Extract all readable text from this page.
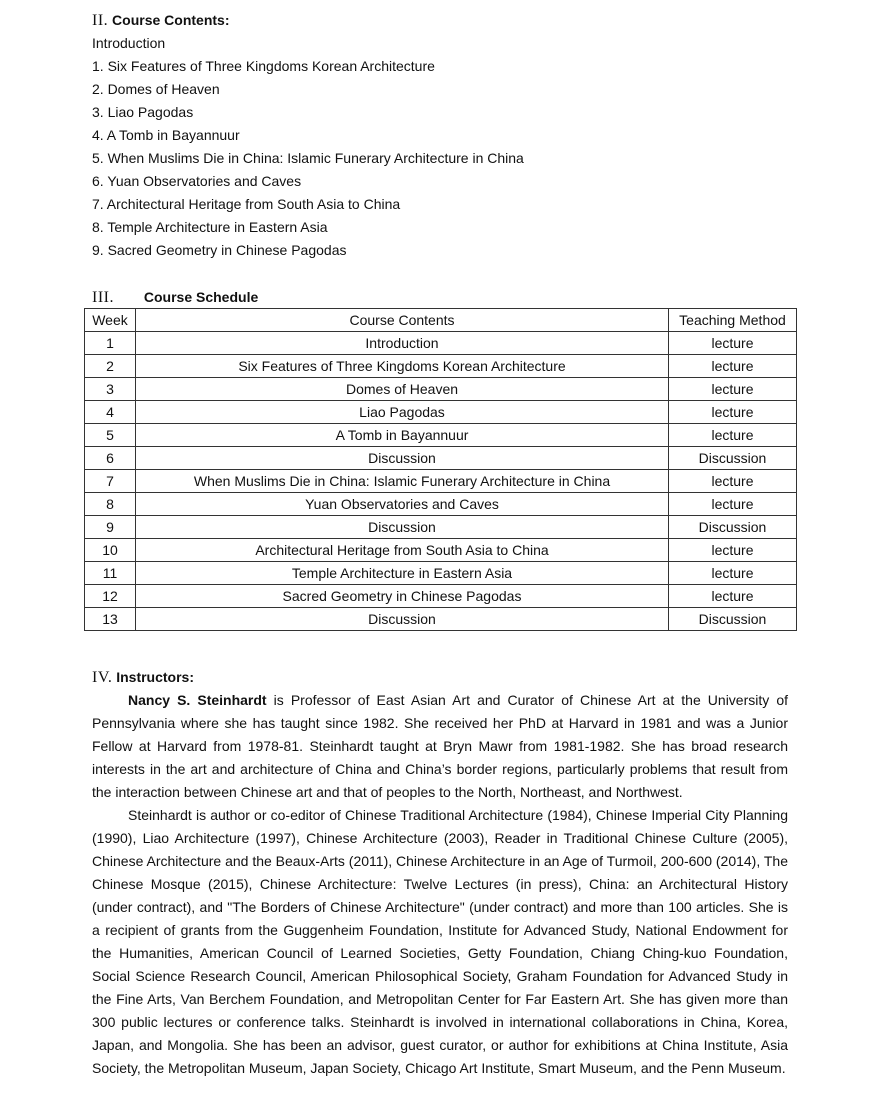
II. Course Contents:
Introduction
1. Six Features of Three Kingdoms Korean Architecture
2. Domes of Heaven
3. Liao Pagodas
4. A Tomb in Bayannuur
5. When Muslims Die in China: Islamic Funerary Architecture in China
6. Yuan Observatories and Caves
7. Architectural Heritage from South Asia to China
8. Temple Architecture in Eastern Asia
9. Sacred Geometry in Chinese Pagodas
III. Course Schedule
Week	Course Contents	Teaching Method
1	Introduction	lecture
2	Six Features of Three Kingdoms Korean Architecture	lecture
3	Domes of Heaven	lecture
4	Liao Pagodas	lecture
5	A Tomb in Bayannuur	lecture
6	Discussion	Discussion
7	When Muslims Die in China: Islamic Funerary Architecture in China	lecture
8	Yuan Observatories and Caves	lecture
9	Discussion	Discussion
10	Architectural Heritage from South Asia to China	lecture
11	Temple Architecture in Eastern Asia	lecture
12	Sacred Geometry in Chinese Pagodas	lecture
13	Discussion	Discussion
IV. Instructors:

Nancy S. Steinhardt is Professor of East Asian Art and Curator of Chinese Art at the University of Pennsylvania where she has taught since 1982. She received her PhD at Harvard in 1981 and was a Junior Fellow at Harvard from 1978-81. Steinhardt taught at Bryn Mawr from 1981-1982. She has broad research interests in the art and architecture of China and China’s border regions, particularly problems that result from the interaction between Chinese art and that of peoples to the North, Northeast, and Northwest.

Steinhardt is author or co-editor of Chinese Traditional Architecture (1984), Chinese Imperial City Planning (1990), Liao Architecture (1997), Chinese Architecture (2003), Reader in Traditional Chinese Culture (2005), Chinese Architecture and the Beaux-Arts (2011), Chinese Architecture in an Age of Turmoil, 200-600 (2014), The Chinese Mosque (2015), Chinese Architecture: Twelve Lectures (in press), China: an Architectural History (under contract), and "The Borders of Chinese Architecture" (under contract) and more than 100 articles. She is a recipient of grants from the Guggenheim Foundation, Institute for Advanced Study, National Endowment for the Humanities, American Council of Learned Societies, Getty Foundation, Chiang Ching-kuo Foundation, Social Science Research Council, American Philosophical Society, Graham Foundation for Advanced Study in the Fine Arts, Van Berchem Foundation, and Metropolitan Center for Far Eastern Art. She has given more than 300 public lectures or conference talks. Steinhardt is involved in international collaborations in China, Korea, Japan, and Mongolia. She has been an advisor, guest curator, or author for exhibitions at China Institute, Asia Society, the Metropolitan Museum, Japan Society, Chicago Art Institute, Smart Museum, and the Penn Museum.
